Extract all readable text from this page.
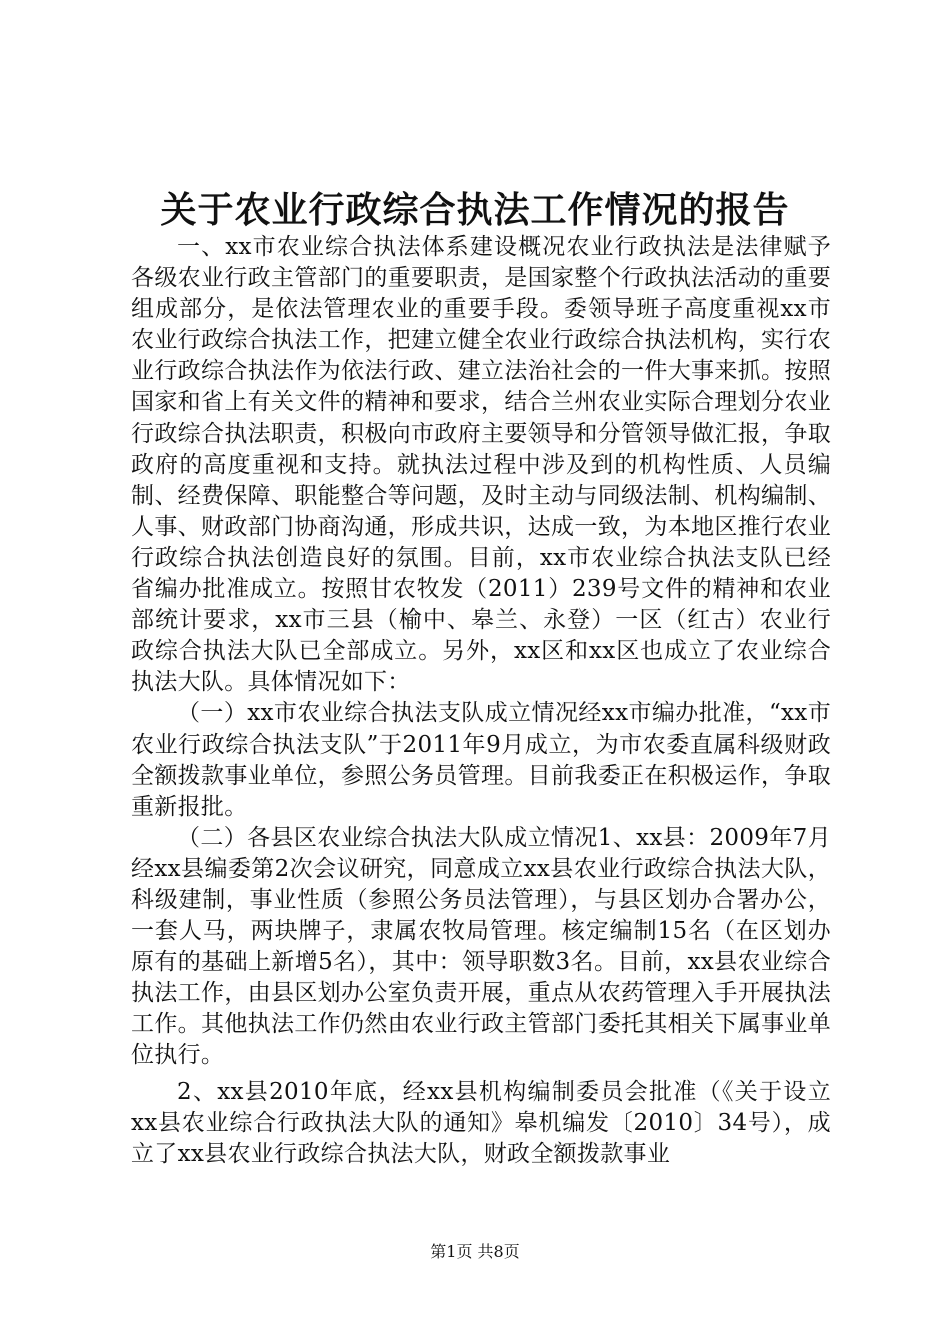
关于农业行政综合执法工作情况的报告

一、xx市农业综合执法体系建设概况农业行政执法是法律赋予各级农业行政主管部门的重要职责，是国家整个行政执法活动的重要组成部分，是依法管理农业的重要手段。委领导班子高度重视xx市农业行政综合执法工作，把建立健全农业行政综合执法机构，实行农业行政综合执法作为依法行政、建立法治社会的一件大事来抓。按照国家和省上有关文件的精神和要求，结合兰州农业实际合理划分农业行政综合执法职责，积极向市政府主要领导和分管领导做汇报，争取政府的高度重视和支持。就执法过程中涉及到的机构性质、人员编制、经费保障、职能整合等问题，及时主动与同级法制、机构编制、人事、财政部门协商沟通，形成共识，达成一致，为本地区推行农业行政综合执法创造良好的氛围。目前，xx市农业综合执法支队已经省编办批准成立。按照甘农牧发（2011）239号文件的精神和农业部统计要求，xx市三县（榆中、皋兰、永登）一区（红古）农业行政综合执法大队已全部成立。另外，xx区和xx区也成立了农业综合执法大队。具体情况如下：

（一）xx市农业综合执法支队成立情况经xx市编办批准，“xx市农业行政综合执法支队”于2011年9月成立，为市农委直属科级财政全额拨款事业单位，参照公务员管理。目前我委正在积极运作，争取重新报批。

（二）各县区农业综合执法大队成立情况1、xx县：2009年7月经xx县编委第2次会议研究，同意成立xx县农业行政综合执法大队，科级建制，事业性质（参照公务员法管理），与县区划办合署办公，一套人马，两块牌子，隶属农牧局管理。核定编制15名（在区划办原有的基础上新增5名），其中：领导职数3名。目前，xx县农业综合执法工作，由县区划办公室负责开展，重点从农药管理入手开展执法工作。其他执法工作仍然由农业行政主管部门委托其相关下属事业单位执行。

2、xx县2010年底，经xx县机构编制委员会批准（《关于设立xx县农业综合行政执法大队的通知》皋机编发〔2010〕34号），成立了xx县农业行政综合执法大队，财政全额拨款事业

第1页 共8页
